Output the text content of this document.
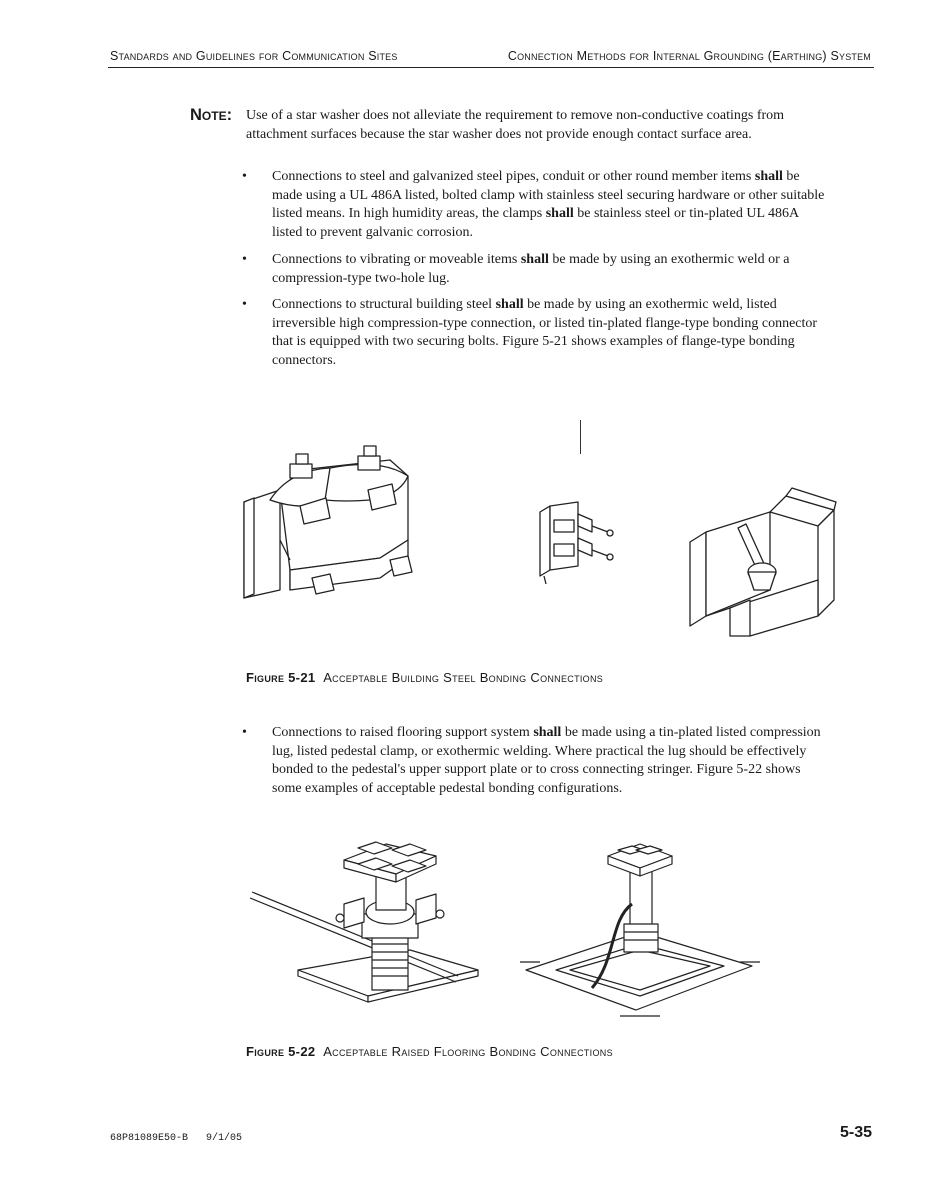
Standards and Guidelines for Communication Sites	Connection Methods for Internal Grounding (Earthing) System
Note: Use of a star washer does not alleviate the requirement to remove non-conductive coatings from
attachment surfaces because the star washer does not provide enough contact surface area.
• Connections to steel and galvanized steel pipes, conduit or other round member items shall be
made using a UL 486A listed, bolted clamp with stainless steel securing hardware or other suitable
listed means. In high humidity areas, the clamps shall be stainless steel or tin-plated UL 486A
listed to prevent galvanic corrosion.
• Connections to vibrating or moveable items shall be made by using an exothermic weld or a
compression-type two-hole lug.
• Connections to structural building steel shall be made by using an exothermic weld, listed
irreversible high compression-type connection, or listed tin-plated flange-type bonding connector
that is equipped with two securing bolts. Figure 5-21 shows examples of flange-type bonding
connectors.
Figure 5-21 Acceptable Building Steel Bonding Connections
• Connections to raised flooring support system shall be made using a tin-plated listed compression
lug, listed pedestal clamp, or exothermic welding. Where practical the lug should be effectively
bonded to the pedestal's upper support plate or to cross connecting stringer. Figure 5-22 shows
some examples of acceptable pedestal bonding configurations.
Figure 5-22 Acceptable Raised Flooring Bonding Connections
68P81089E50-B   9/1/05	5-35
